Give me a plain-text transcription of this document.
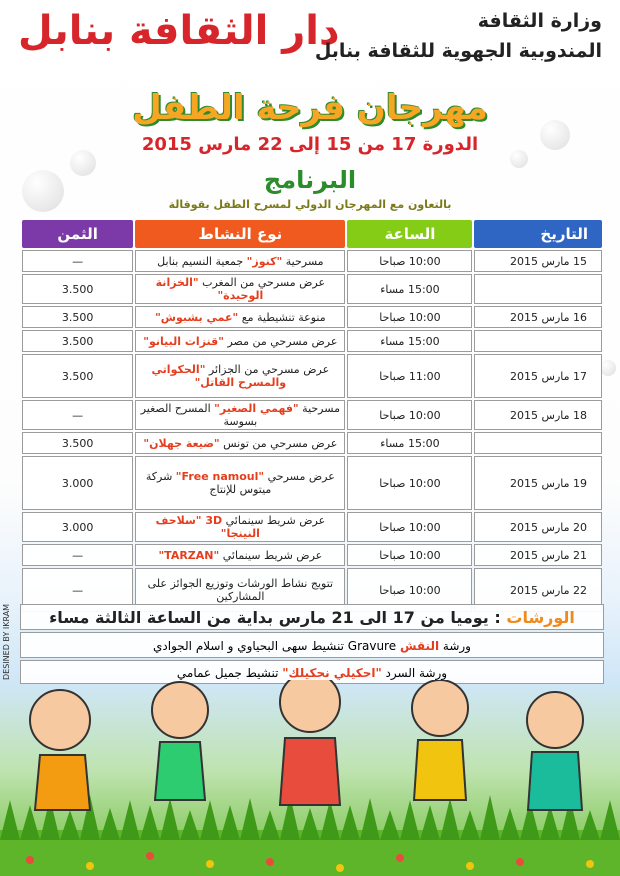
دار الثقافة بنابل	وزارة الثقافة
المندوبية الجهوية للثقافة بنابل
مهرجان فرحة الطفل
الدورة 17 من 15 إلى 22 مارس 2015
البرنامج
بالتعاون مع المهرجان الدولي لمسرح الطفل بقوقالة
التاريخ	الساعة	نوع النشاط	الثمن
15 مارس 2015	10:00 صباحا	مسرحية "كنوز" جمعية النسيم بنابل	—
	15:00 مساء	عرض مسرحي من المغرب "الخزانة الوحيدة"	3.500
16 مارس 2015	10:00 صباحا	منوعة تنشيطية مع "عمي بشبوش"	3.500
	15:00 مساء	عرض مسرحي من مصر "قنزات البيانو"	3.500
17 مارس 2015	11:00 صباحا	عرض مسرحي من الجزائر "الحكواتي والمسرح القاتل"	3.500
18 مارس 2015	10:00 صباحا	مسرحية "فهمي الصغير" المسرح الصغير بسوسة	—
	15:00 مساء	عرض مسرحي من تونس "ضيعة جهلان"	3.500
19 مارس 2015	10:00 صباحا	عرض مسرحي "Free namoul" شركة ميتوس للإنتاج	3.000
20 مارس 2015	10:00 صباحا	عرض شريط سينمائي 3D "سلاحف النينجا"	3.000
21 مارس 2015	10:00 صباحا	عرض شريط سينمائي "TARZAN"	—
22 مارس 2015	10:00 صباحا	تتويج نشاط الورشات وتوزيع الجوائز على المشاركين	—
الورشات : يوميا من 17 الى 21 مارس بداية من الساعة الثالثة مساء
ورشة النقش Gravure تنشيط سهى البحياوي و اسلام الجوادي
ورشة السرد "احكيلي نحكيلك" تنشيط جميل عمامي
DESINED BY IKRAM
